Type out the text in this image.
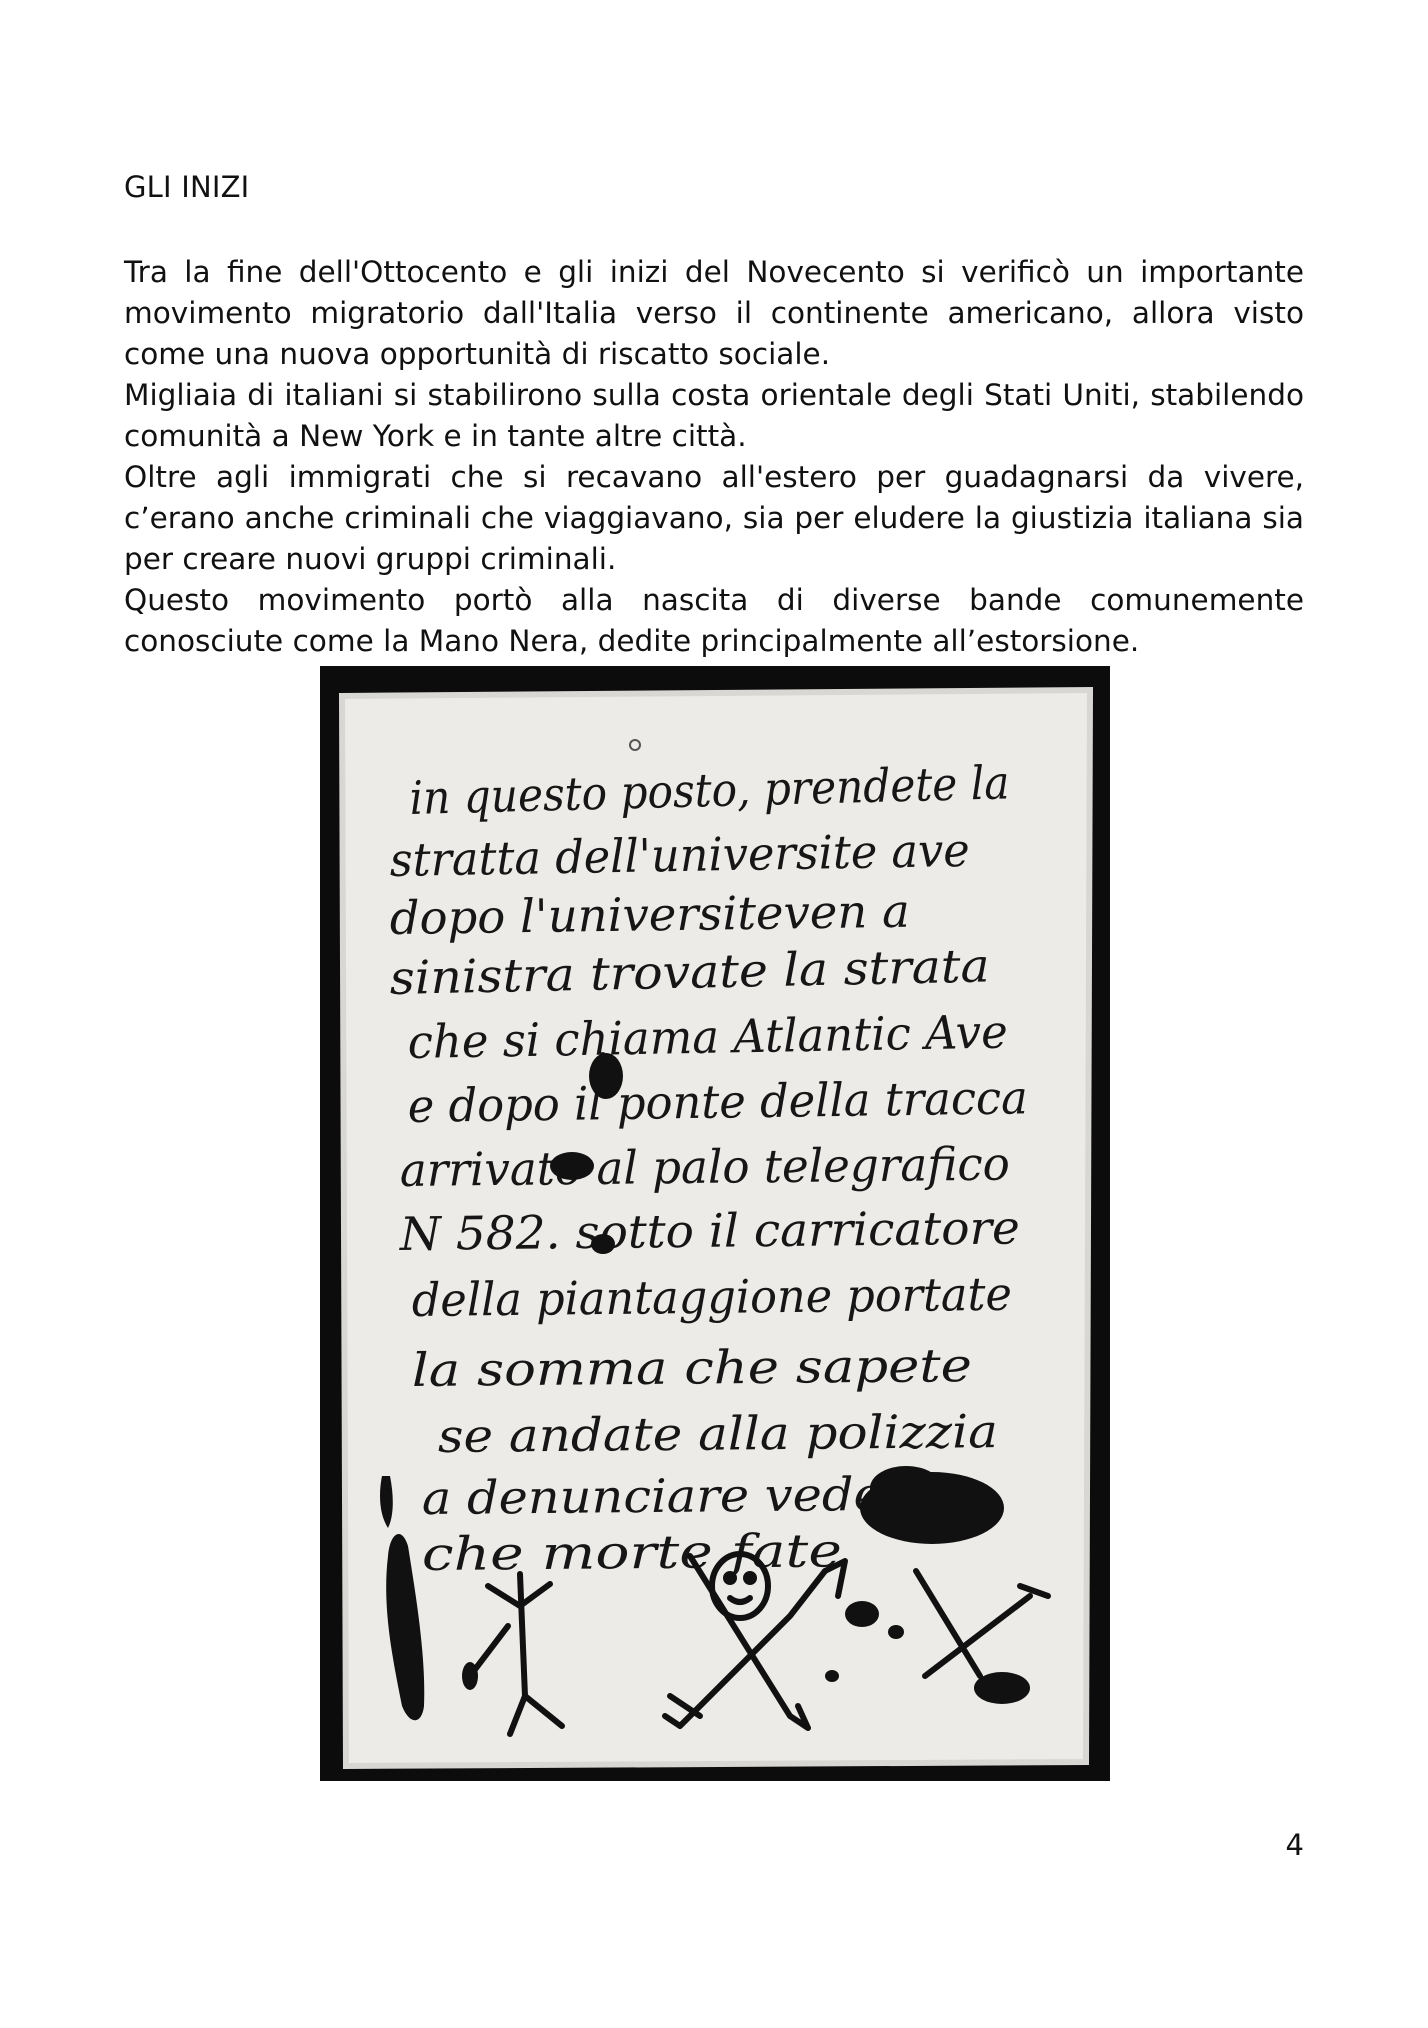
GLI INIZI

Tra la fine dell'Ottocento e gli inizi del Novecento si verificò un importante movimento migratorio dall'Italia verso il continente americano, allora visto come una nuova opportunità di riscatto sociale.

Migliaia di italiani si stabilirono sulla costa orientale degli Stati Uniti, stabilendo comunità a New York e in tante altre città.

Oltre agli immigrati che si recavano all'estero per guadagnarsi da vivere, c’erano anche criminali che viaggiavano, sia per eludere la giustizia italiana sia per creare nuovi gruppi criminali.

Questo movimento portò alla nascita di diverse bande comunemente conosciute come la Mano Nera, dedite principalmente all’estorsione.

in questo posto, prendete la
stratta dell'universite ave
dopo l'universiteven a
sinistra trovate la strata
che si chiama Atlantic Ave
e dopo il ponte della tracca
arrivato al palo telegrafico
N 582. sotto il carricatore
della piantaggione portate
la somma che sapete
se andate alla polizzia
a denunciare vedete
che morte fate
4
